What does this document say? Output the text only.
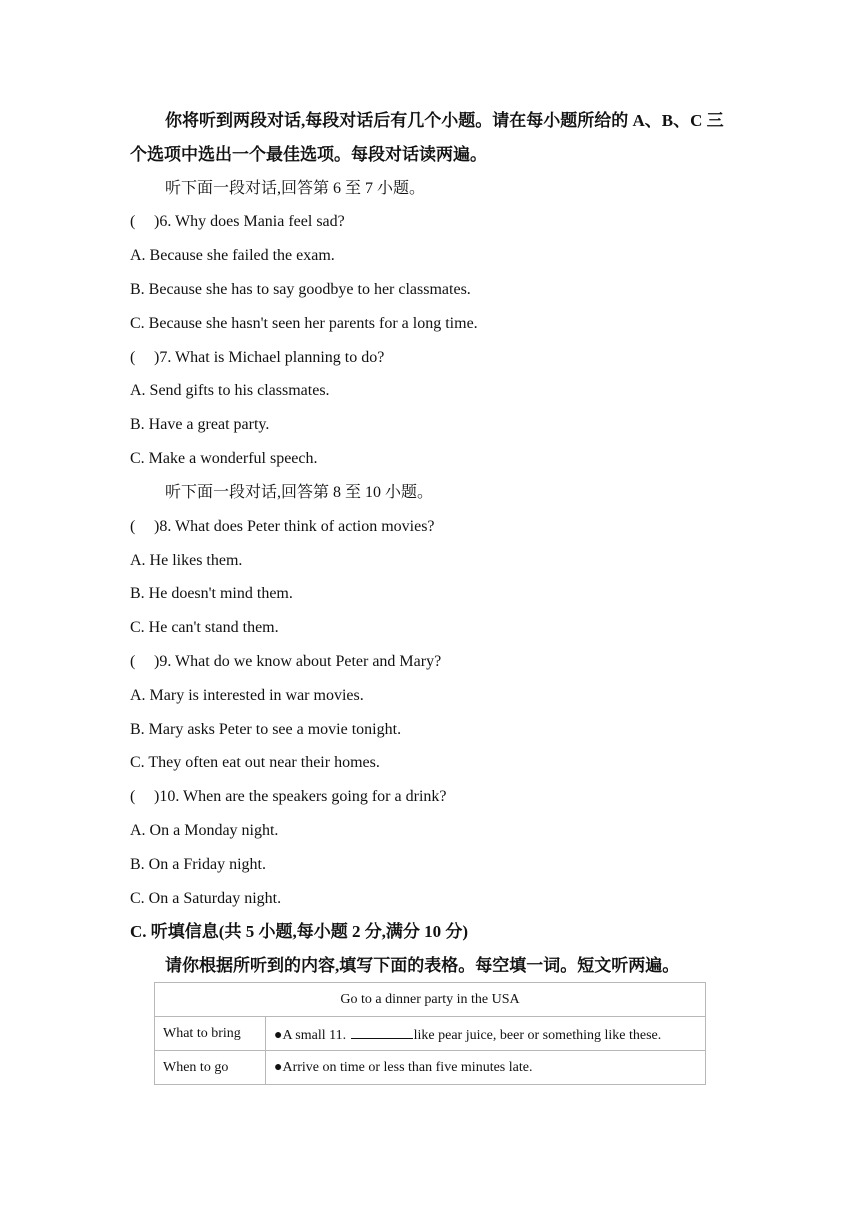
你将听到两段对话,每段对话后有几个小题。请在每小题所给的 A、B、C 三
个选项中选出一个最佳选项。每段对话读两遍。
听下面一段对话,回答第 6 至 7 小题。
( )6. Why does Mania feel sad?
A. Because she failed the exam.
B. Because she has to say goodbye to her classmates.
C. Because she hasn't seen her parents for a long time.
( )7. What is Michael planning to do?
A. Send gifts to his classmates.
B. Have a great party.
C. Make a wonderful speech.
听下面一段对话,回答第 8 至 10 小题。
( )8. What does Peter think of action movies?
A. He likes them.
B. He doesn't mind them.
C. He can't stand them.
( )9. What do we know about Peter and Mary?
A. Mary is interested in war movies.
B. Mary asks Peter to see a movie tonight.
C. They often eat out near their homes.
( )10. When are the speakers going for a drink?
A. On a Monday night.
B. On a Friday night.
C. On a Saturday night.
C. 听填信息(共 5 小题,每小题 2 分,满分 10 分)
请你根据所听到的内容,填写下面的表格。每空填一词。短文听两遍。
Go to a dinner party in the USA	
What to bring	●A small 11. like pear juice, beer or something like these.
When to go	●Arrive on time or less than five minutes late.
